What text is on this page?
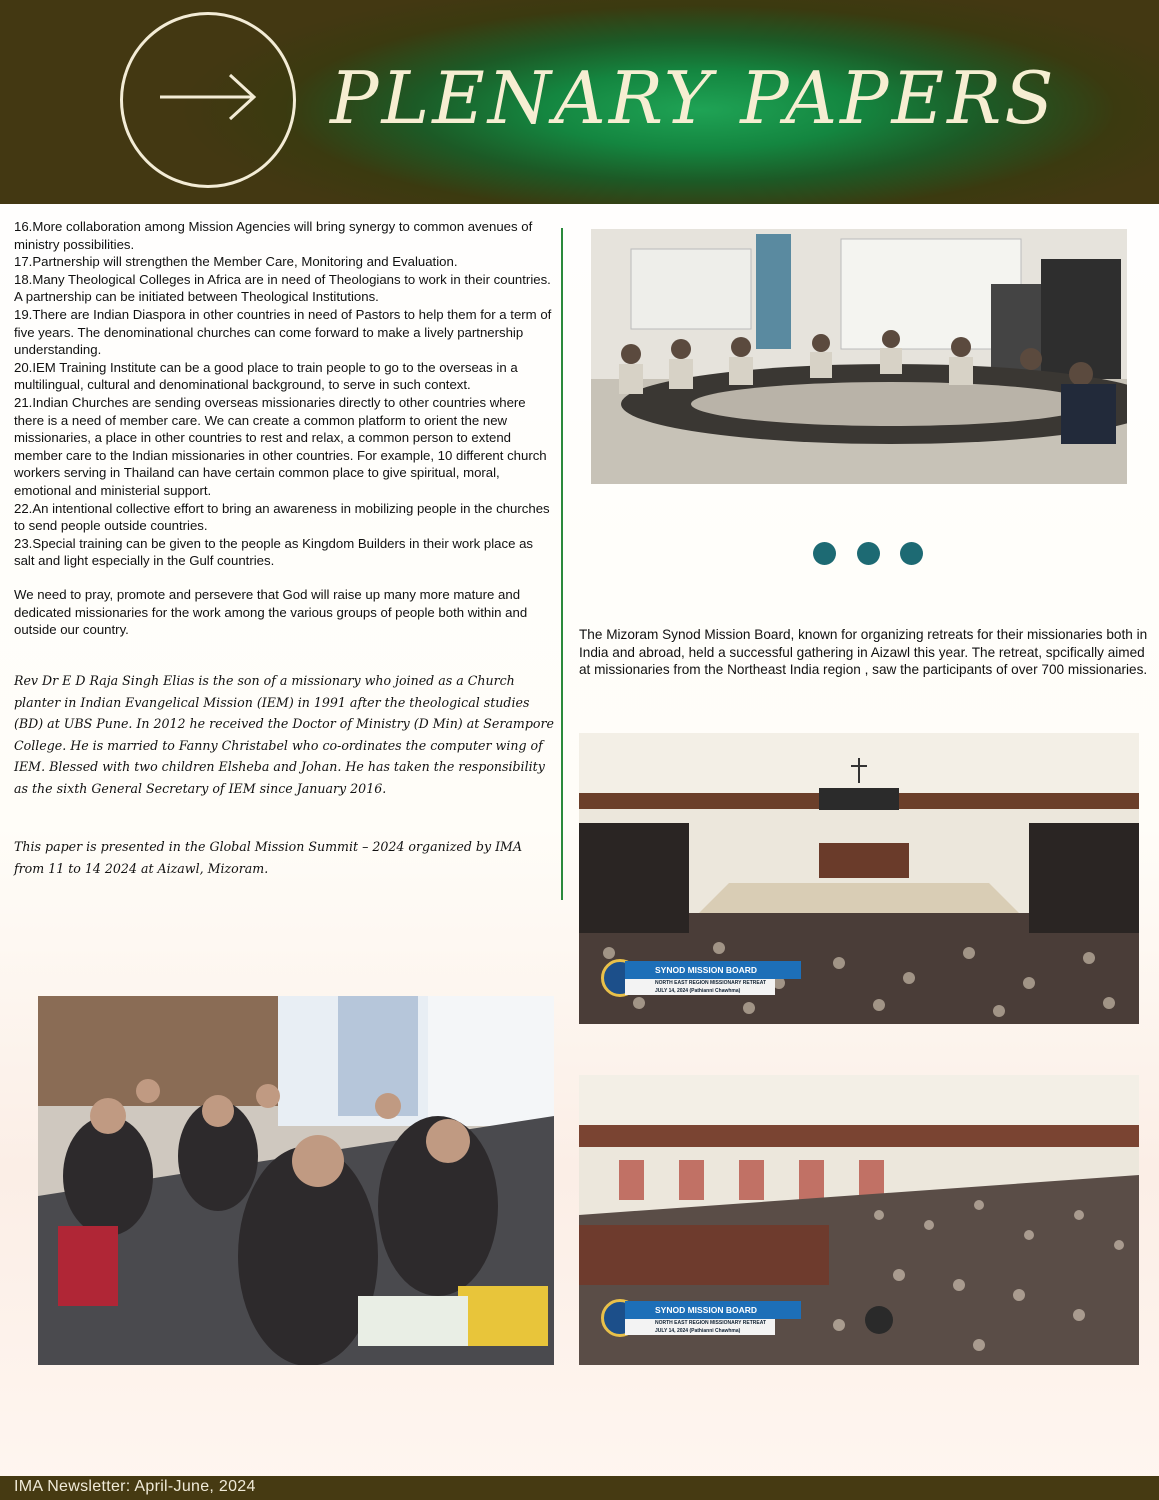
PLENARY PAPERS

16.More collaboration among Mission Agencies will bring synergy to common avenues of ministry possibilities.

17.Partnership will strengthen the Member Care, Monitoring and Evaluation.

18.Many Theological Colleges in Africa are in need of Theologians to work in their countries. A partnership can be initiated between Theological Institutions.

19.There are Indian Diaspora in other countries in need of Pastors to help them for a term of five years. The denominational churches can come forward to make a lively partnership understanding.

20.IEM Training Institute can be a good place to train people to go to the overseas in a multilingual, cultural and denominational background, to serve in such context.

21.Indian Churches are sending overseas missionaries directly to other countries where there is a need of member care. We can create a common platform to orient the new missionaries, a place in other countries to rest and relax, a common person to extend member care to the Indian missionaries in other countries. For example, 10 different church workers serving in Thailand can have certain common place to give spiritual, moral, emotional and ministerial support.

22.An intentional collective effort to bring an awareness in mobilizing people in the churches to send people outside countries.

23.Special training can be given to the people as Kingdom Builders in their work place as salt and light especially in the Gulf countries.

We need to pray, promote and persevere that God will raise up many more mature and dedicated missionaries for the work among the various groups of people both within and outside our country.

Rev Dr E D Raja Singh Elias is the son of a missionary who joined as a Church planter in Indian Evangelical Mission (IEM) in 1991 after the theological studies (BD) at UBS Pune. In 2012 he received the Doctor of Ministry (D Min) at Serampore College. He is married to Fanny Christabel who co-ordinates the computer wing of IEM. Blessed with two children Elsheba and Johan. He has taken the responsibility as the sixth General Secretary of IEM since January 2016.

This paper is presented in the Global Mission Summit – 2024 organized by IMA from 11 to 14 2024 at Aizawl, Mizoram.

The Mizoram Synod Mission Board, known for organizing retreats for their missionaries both in India and abroad, held a successful gathering in Aizawl this year. The retreat, spcifically aimed at missionaries from the Northeast India region , saw the participants of over 700 missionaries.

SYNOD MISSION BOARD
NORTH EAST REGION MISSIONARY RETREAT
JULY 14, 2024 (Pathianni Chawhma)
SYNOD MISSION BOARD
NORTH EAST REGION MISSIONARY RETREAT
JULY 14, 2024 (Pathianni Chawhma)
IMA Newsletter: April-June, 2024
